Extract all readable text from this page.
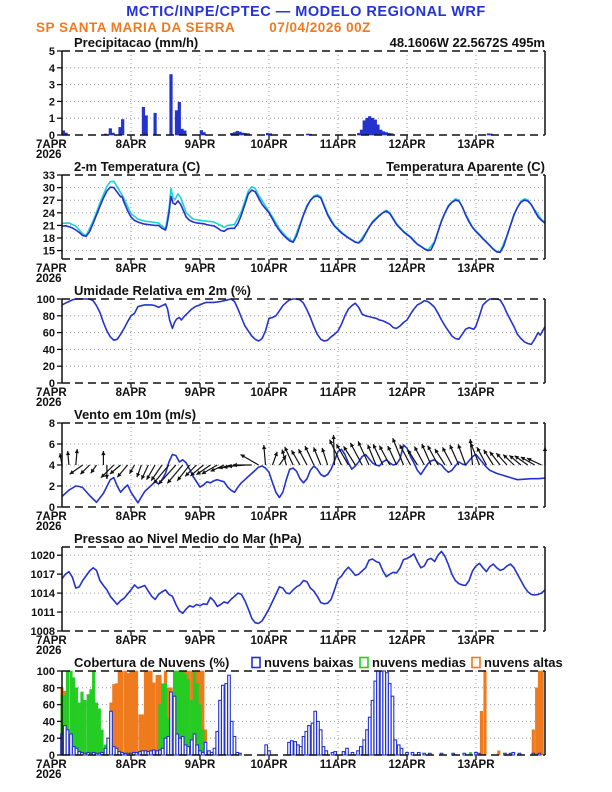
MCTIC/INPE/CPTEC — MODELO REGIONAL WRF
SP SANTA MARIA DA SERRA	07/04/2026 00Z
0
1
2
3
4
5
7APR	8APR	9APR	10APR	11APR	12APR	13APR
2026
Precipitacao (mm/h)	48.1606W 22.5672S 495m
15
18
21
24
27
30
33
7APR	8APR	9APR	10APR	11APR	12APR	13APR
2026
2-m Temperatura (C)	Temperatura Aparente (C)
0
20
40
60
80
100
7APR	8APR	9APR	10APR	11APR	12APR	13APR
2026
Umidade Relativa em 2m (%)
0
2
4
6
8
7APR	8APR	9APR	10APR	11APR	12APR	13APR
2026
Vento em 10m (m/s)
1008
1011
1014
1017
1020
7APR	8APR	9APR	10APR	11APR	12APR	13APR
2026
Pressao ao Nivel Medio do Mar (hPa)
0
20
40
60
80
100
7APR	8APR	9APR	10APR	11APR	12APR	13APR
2026
Cobertura de Nuvens (%)	nuvens baixas nuvens medias nuvens altas
